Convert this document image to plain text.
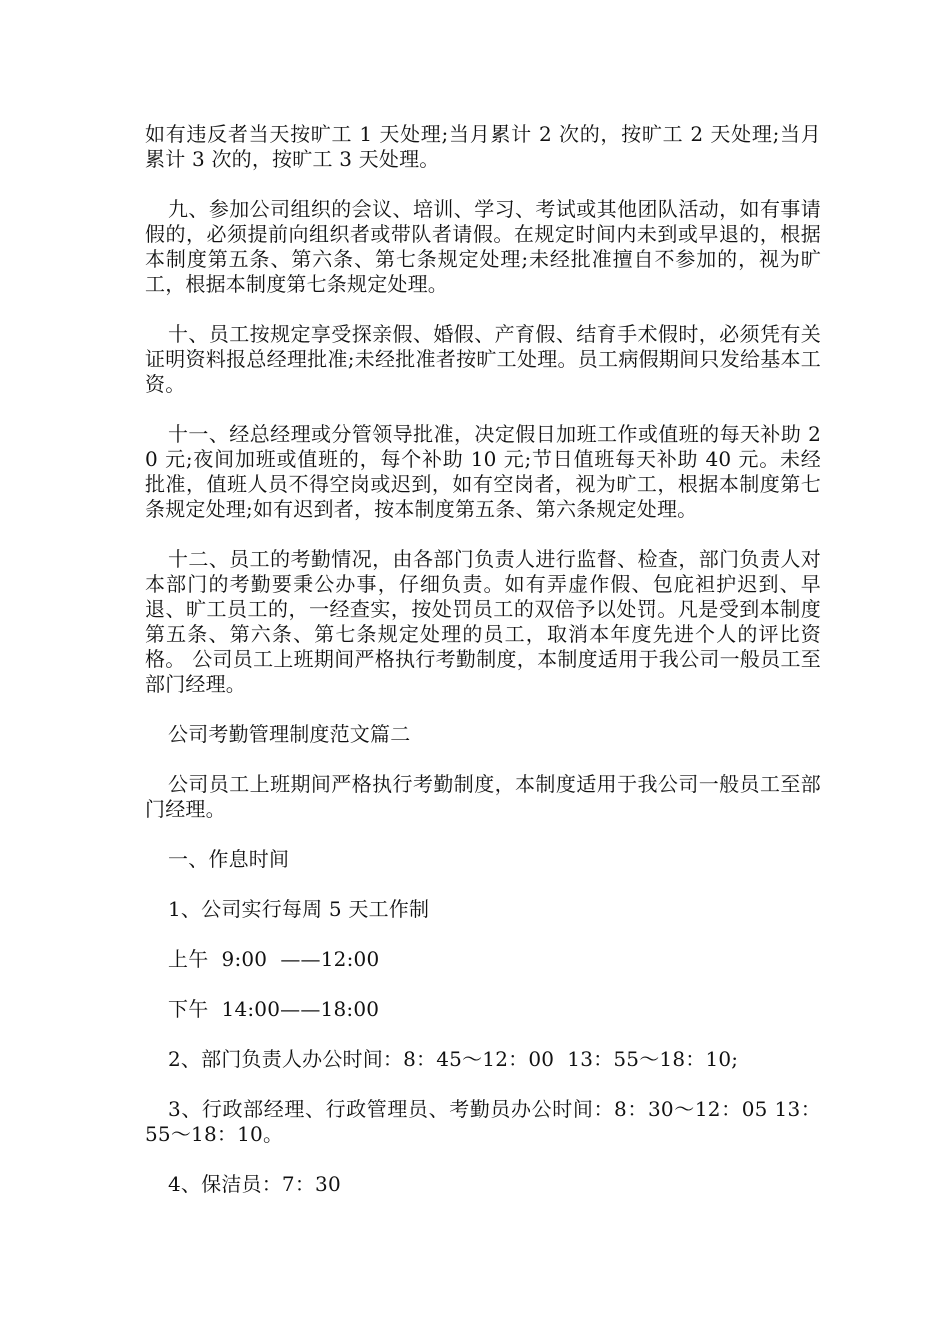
如有违反者当天按旷工 1 天处理;当月累计 2 次的，按旷工 2 天处理;当月累计 3 次的，按旷工 3 天处理。

九、参加公司组织的会议、培训、学习、考试或其他团队活动，如有事请假的，必须提前向组织者或带队者请假。在规定时间内未到或早退的，根据本制度第五条、第六条、第七条规定处理;未经批准擅自不参加的，视为旷工，根据本制度第七条规定处理。

十、员工按规定享受探亲假、婚假、产育假、结育手术假时，必须凭有关证明资料报总经理批准;未经批准者按旷工处理。员工病假期间只发给基本工资。

十一、经总经理或分管领导批准，决定假日加班工作或值班的每天补助 20 元;夜间加班或值班的，每个补助 10 元;节日值班每天补助 40 元。未经批准，值班人员不得空岗或迟到，如有空岗者，视为旷工，根据本制度第七条规定处理;如有迟到者，按本制度第五条、第六条规定处理。

十二、员工的考勤情况，由各部门负责人进行监督、检查，部门负责人对本部门的考勤要秉公办事，仔细负责。如有弄虚作假、包庇袒护迟到、早退、旷工员工的，一经查实，按处罚员工的双倍予以处罚。凡是受到本制度第五条、第六条、第七条规定处理的员工，取消本年度先进个人的评比资格。 公司员工上班期间严格执行考勤制度，本制度适用于我公司一般员工至部门经理。

公司考勤管理制度范文篇二

公司员工上班期间严格执行考勤制度，本制度适用于我公司一般员工至部门经理。

一、作息时间

1、公司实行每周 5 天工作制

上午  9:00  ——12:00

下午  14:00——18:00

2、部门负责人办公时间：8：45～12：00  13：55～18：10;

3、行政部经理、行政管理员、考勤员办公时间：8：30～12：05 13：55～18：10。

4、保洁员：7：30
